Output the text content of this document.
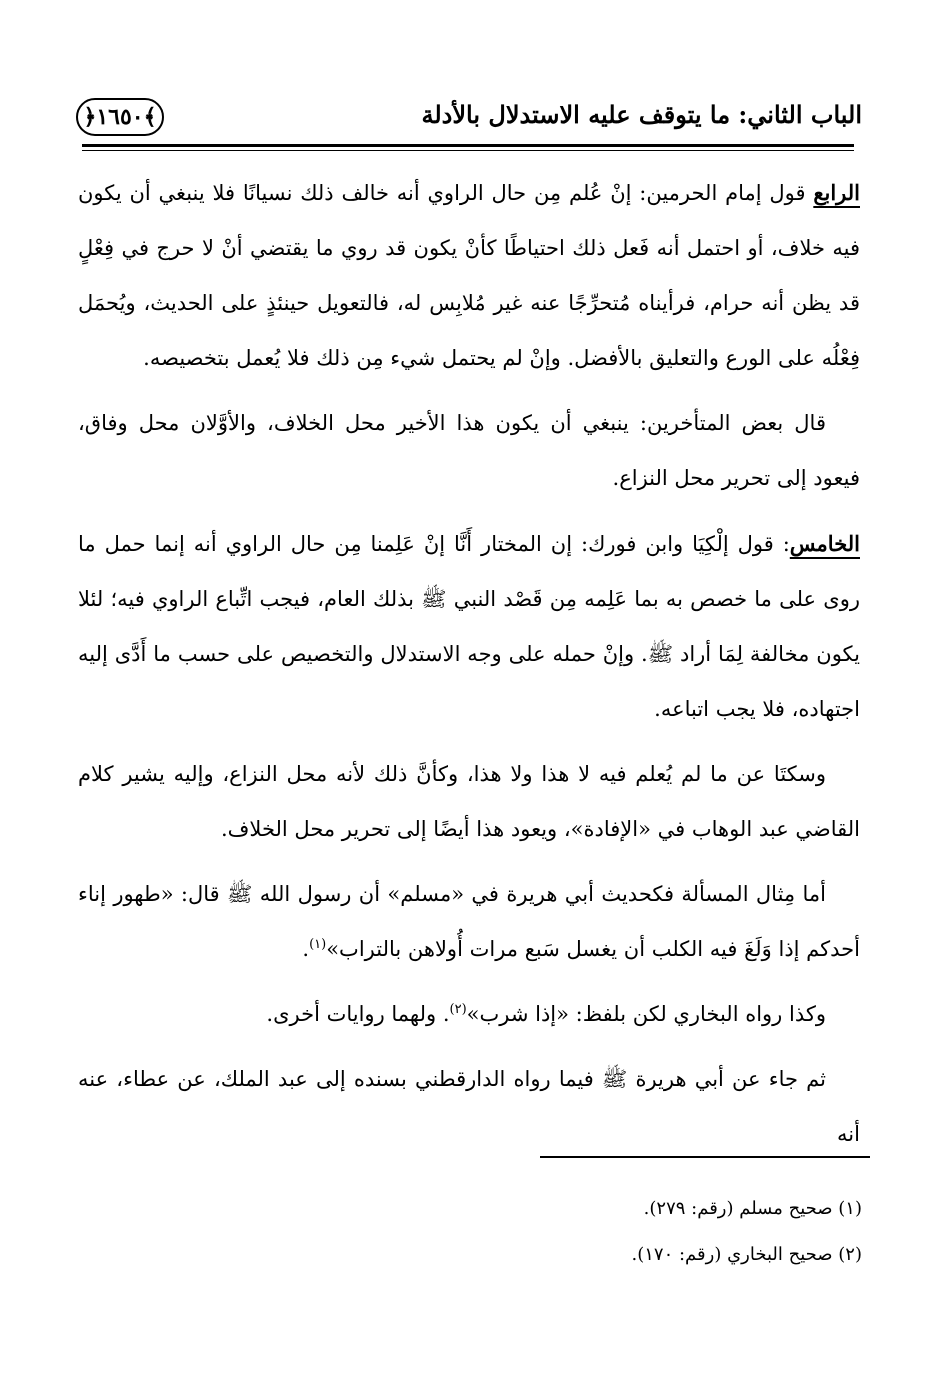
الباب الثاني: ما يتوقف عليه الاستدلال بالأدلة
﴿١٦٥٠﴾

الرابع قول إمام الحرمين: إنْ عُلم مِن حال الراوي أنه خالف ذلك نسيانًا فلا ينبغي أن يكون فيه خلاف، أو احتمل أنه فَعل ذلك احتياطًا كأنْ يكون قد روي ما يقتضي أنْ لا حرج في فِعْلٍ قد يظن أنه حرام، فرأيناه مُتحرِّجًا عنه غير مُلابِس له، فالتعويل حينئذٍ على الحديث، ويُحمَل فِعْلُه على الورع والتعليق بالأفضل. وإنْ لم يحتمل شيء مِن ذلك فلا يُعمل بتخصيصه.

قال بعض المتأخرين: ينبغي أن يكون هذا الأخير محل الخلاف، والأوَّلان محل وفاق، فيعود إلى تحرير محل النزاع.

الخامس: قول إلْكِيَا وابن فورك: إن المختار أَنَّا إنْ عَلِمنا مِن حال الراوي أنه إنما حمل ما روى على ما خصص به بما عَلِمه مِن قَصْد النبي ﷺ بذلك العام، فيجب اتِّباع الراوي فيه؛ لئلا يكون مخالفة لِمَا أراد ﷺ. وإنْ حمله على وجه الاستدلال والتخصيص على حسب ما أَدَّى إليه اجتهاده، فلا يجب اتباعه.

وسكتَا عن ما لم يُعلم فيه لا هذا ولا هذا، وكأنَّ ذلك لأنه محل النزاع، وإليه يشير كلام القاضي عبد الوهاب في «الإفادة»، ويعود هذا أيضًا إلى تحرير محل الخلاف.

أما مِثال المسألة فكحديث أبي هريرة في «مسلم» أن رسول الله ﷺ قال: «طهور إناء أحدكم إذا وَلَغَ فيه الكلب أن يغسل سَبع مرات أُولاهن بالتراب»$^{(١)}$.

وكذا رواه البخاري لكن بلفظ: «إذا شرب»$^{(٢)}$. ولهما روايات أخرى.

ثم جاء عن أبي هريرة ﷺ فيما رواه الدارقطني بسنده إلى عبد الملك، عن عطاء، عنه أنه

(١) صحيح مسلم (رقم: ٢٧٩).

(٢) صحيح البخاري (رقم: ١٧٠).
